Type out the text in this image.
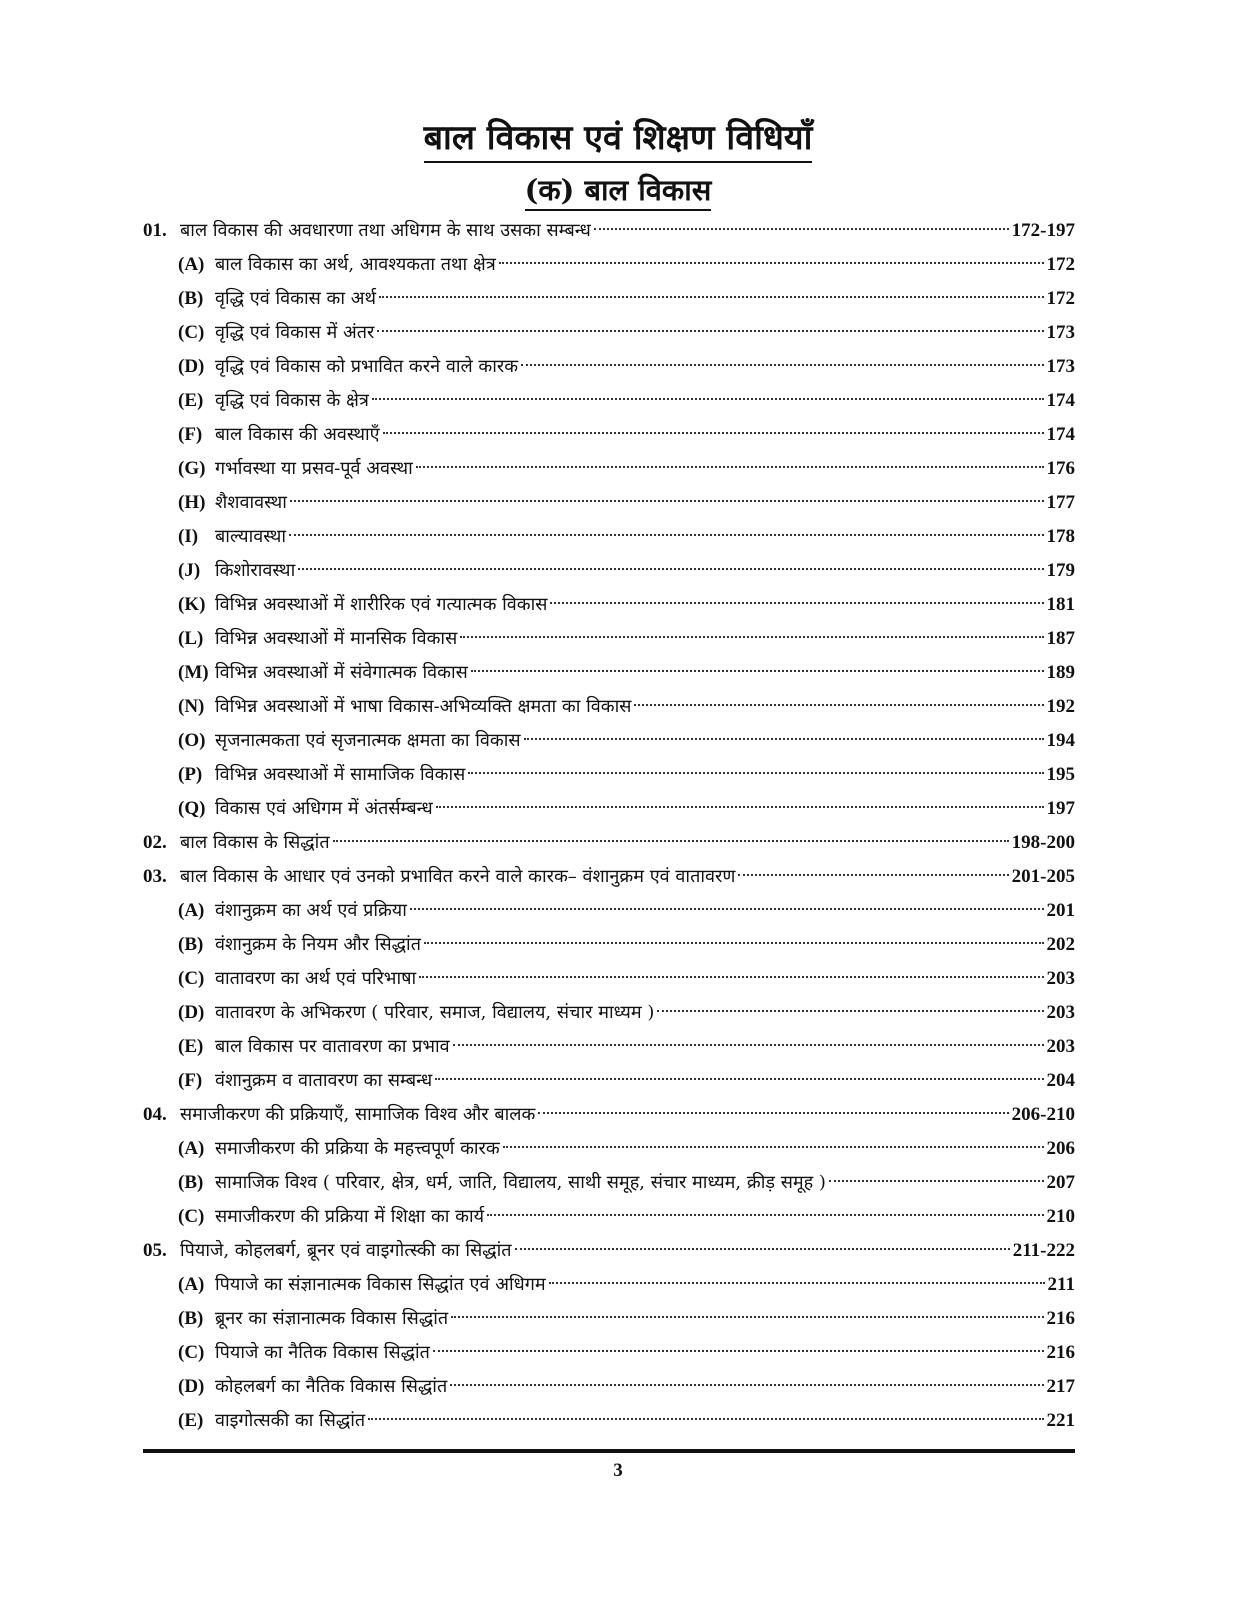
बाल विकास एवं शिक्षण विधियाँ
(क) बाल विकास
01. बाल विकास की अवधारणा तथा अधिगम के साथ उसका सम्बन्ध	172-197
(A) बाल विकास का अर्थ, आवश्यकता तथा क्षेत्र	172
(B) वृद्धि एवं विकास का अर्थ	172
(C) वृद्धि एवं विकास में अंतर	173
(D) वृद्धि एवं विकास को प्रभावित करने वाले कारक	173
(E) वृद्धि एवं विकास के क्षेत्र	174
(F) बाल विकास की अवस्थाएँ	174
(G) गर्भावस्था या प्रसव-पूर्व अवस्था	176
(H) शैशवावस्था	177
(I) बाल्यावस्था	178
(J) किशोरावस्था	179
(K) विभिन्न अवस्थाओं में शारीरिक एवं गत्यात्मक विकास	181
(L) विभिन्न अवस्थाओं में मानसिक विकास	187
(M) विभिन्न अवस्थाओं में संवेगात्मक विकास	189
(N) विभिन्न अवस्थाओं में भाषा विकास-अभिव्यक्ति क्षमता का विकास	192
(O) सृजनात्मकता एवं सृजनात्मक क्षमता का विकास	194
(P) विभिन्न अवस्थाओं में सामाजिक विकास	195
(Q) विकास एवं अधिगम में अंतर्सम्बन्ध	197
02. बाल विकास के सिद्धांत	198-200
03. बाल विकास के आधार एवं उनको प्रभावित करने वाले कारक– वंशानुक्रम एवं वातावरण	201-205
(A) वंशानुक्रम का अर्थ एवं प्रक्रिया	201
(B) वंशानुक्रम के नियम और सिद्धांत	202
(C) वातावरण का अर्थ एवं परिभाषा	203
(D) वातावरण के अभिकरण ( परिवार, समाज, विद्यालय, संचार माध्यम )	203
(E) बाल विकास पर वातावरण का प्रभाव	203
(F) वंशानुक्रम व वातावरण का सम्बन्ध	204
04. समाजीकरण की प्रक्रियाएँ, सामाजिक विश्व और बालक	206-210
(A) समाजीकरण की प्रक्रिया के महत्त्वपूर्ण कारक	206
(B) सामाजिक विश्व ( परिवार, क्षेत्र, धर्म, जाति, विद्यालय, साथी समूह, संचार माध्यम, क्रीड़ समूह )	207
(C) समाजीकरण की प्रक्रिया में शिक्षा का कार्य	210
05. पियाजे, कोहलबर्ग, ब्रूनर एवं वाइगोत्स्की का सिद्धांत	211-222
(A) पियाजे का संज्ञानात्मक विकास सिद्धांत एवं अधिगम	211
(B) ब्रूनर का संज्ञानात्मक विकास सिद्धांत	216
(C) पियाजे का नैतिक विकास सिद्धांत	216
(D) कोहलबर्ग का नैतिक विकास सिद्धांत	217
(E) वाइगोत्सकी का सिद्धांत	221
3
